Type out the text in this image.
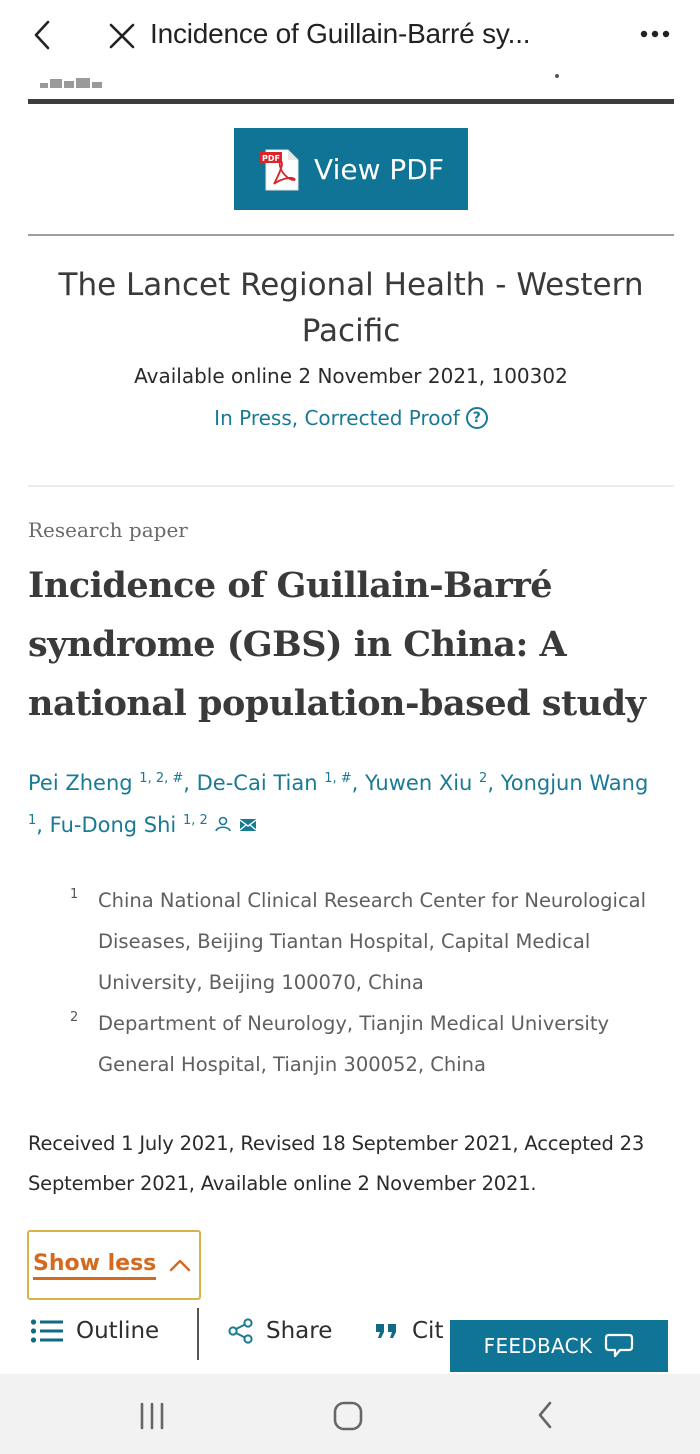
Incidence of Guillain-Barré sy...
PDF View PDF
The Lancet Regional Health - Western Pacific
Available online 2 November 2021, 100302
In Press, Corrected Proof ?
Research paper
Incidence of Guillain-Barré syndrome (GBS) in China: A national population-based study
Pei Zheng $^{1, 2, \#}$, De-Cai Tian $^{1, \#}$, Yuwen Xiu $^2$, Yongjun Wang $^1$, Fu-Dong Shi $^{1, 2}$
1 China National Clinical Research Center for Neurological Diseases, Beijing Tiantan Hospital, Capital Medical University, Beijing 100070, China
2 Department of Neurology, Tianjin Medical University General Hospital, Tianjin 300052, China
Received 1 July 2021, Revised 18 September 2021, Accepted 23 September 2021, Available online 2 November 2021.
Show less
Outline	Share	Cit
FEEDBACK
